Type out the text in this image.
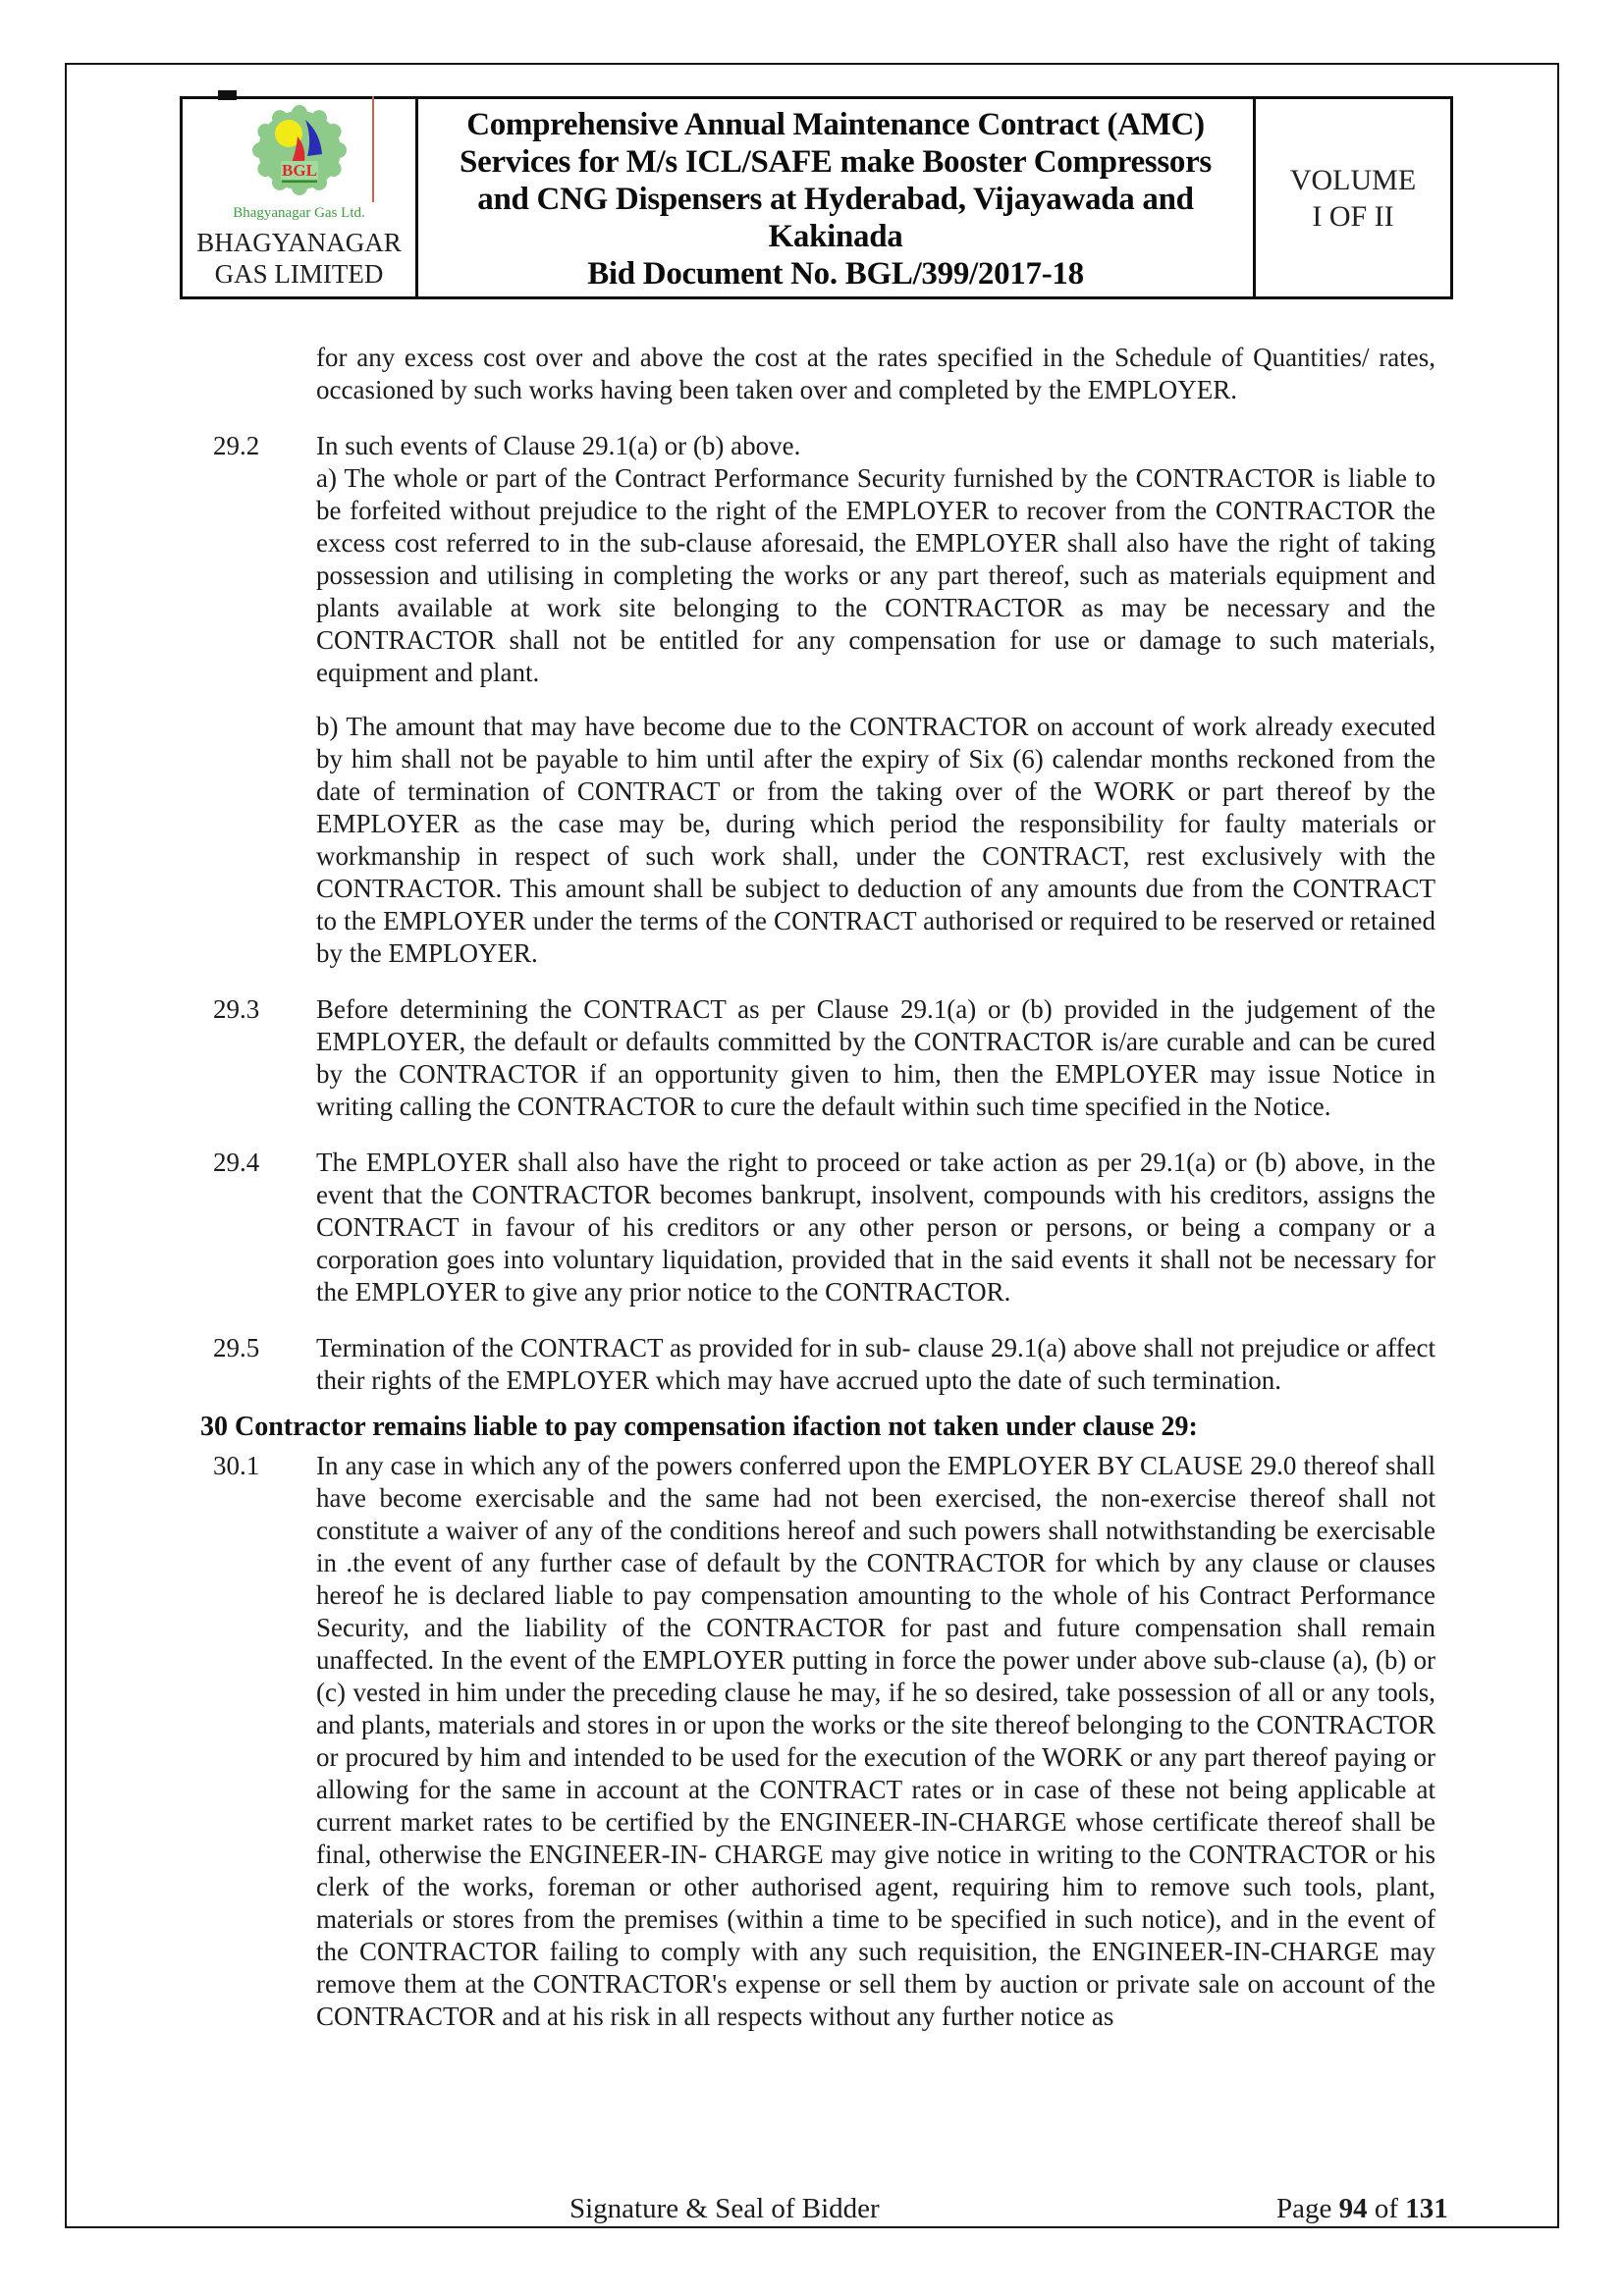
BGL
Bhagyanagar Gas Ltd.
BHAGYANAGAR
GAS LIMITED
Comprehensive Annual Maintenance Contract (AMC)
Services for M/s ICL/SAFE make Booster Compressors
and CNG Dispensers at Hyderabad, Vijayawada and
Kakinada
Bid Document No. BGL/399/2017-18
VOLUME
I OF II

for any excess cost over and above the cost at the rates specified in the Schedule of Quantities/ rates, occasioned by such works having been taken over and completed by the EMPLOYER.

29.2	In such events of Clause 29.1(a) or (b) above.

a) The whole or part of the Contract Performance Security furnished by the CONTRACTOR is liable to be forfeited without prejudice to the right of the EMPLOYER to recover from the CONTRACTOR the excess cost referred to in the sub-clause aforesaid, the EMPLOYER shall also have the right of taking possession and utilising in completing the works or any part thereof, such as materials equipment and plants available at work site belonging to the CONTRACTOR as may be necessary and the CONTRACTOR shall not be entitled for any compensation for use or damage to such materials, equipment and plant.

b) The amount that may have become due to the CONTRACTOR on account of work already executed by him shall not be payable to him until after the expiry of Six (6) calendar months reckoned from the date of termination of CONTRACT or from the taking over of the WORK or part thereof by the EMPLOYER as the case may be, during which period the responsibility for faulty materials or workmanship in respect of such work shall, under the CONTRACT, rest exclusively with the CONTRACTOR. This amount shall be subject to deduction of any amounts due from the CONTRACT to the EMPLOYER under the terms of the CONTRACT authorised or required to be reserved or retained by the EMPLOYER.

29.3	Before determining the CONTRACT as per Clause 29.1(a) or (b) provided in the judgement of the EMPLOYER, the default or defaults committed by the CONTRACTOR is/are curable and can be cured by the CONTRACTOR if an opportunity given to him, then the EMPLOYER may issue Notice in writing calling the CONTRACTOR to cure the default within such time specified in the Notice.

29.4	The EMPLOYER shall also have the right to proceed or take action as per 29.1(a) or (b) above, in the event that the CONTRACTOR becomes bankrupt, insolvent, compounds with his creditors, assigns the CONTRACT in favour of his creditors or any other person or persons, or being a company or a corporation goes into voluntary liquidation, provided that in the said events it shall not be necessary for the EMPLOYER to give any prior notice to the CONTRACTOR.

29.5	Termination of the CONTRACT as provided for in sub- clause 29.1(a) above shall not prejudice or affect their rights of the EMPLOYER which may have accrued upto the date of such termination.

30 Contractor remains liable to pay compensation ifaction not taken under clause 29:
30.1	In any case in which any of the powers conferred upon the EMPLOYER BY CLAUSE 29.0 thereof shall have become exercisable and the same had not been exercised, the non-exercise thereof shall not constitute a waiver of any of the conditions hereof and such powers shall notwithstanding be exercisable in .the event of any further case of default by the CONTRACTOR for which by any clause or clauses hereof he is declared liable to pay compensation amounting to the whole of his Contract Performance Security, and the liability of the CONTRACTOR for past and future compensation shall remain unaffected. In the event of the EMPLOYER putting in force the power under above sub-clause (a), (b) or (c) vested in him under the preceding clause he may, if he so desired, take possession of all or any tools, and plants, materials and stores in or upon the works or the site thereof belonging to the CONTRACTOR or procured by him and intended to be used for the execution of the WORK or any part thereof paying or allowing for the same in account at the CONTRACT rates or in case of these not being applicable at current market rates to be certified by the ENGINEER-IN-CHARGE whose certificate thereof shall be final, otherwise the ENGINEER-IN- CHARGE may give notice in writing to the CONTRACTOR or his clerk of the works, foreman or other authorised agent, requiring him to remove such tools, plant, materials or stores from the premises (within a time to be specified in such notice), and in the event of the CONTRACTOR failing to comply with any such requisition, the ENGINEER-IN-CHARGE may remove them at the CONTRACTOR's expense or sell them by auction or private sale on account of the CONTRACTOR and at his risk in all respects without any further notice as

Signature & Seal of Bidder	Page 94 of 131
